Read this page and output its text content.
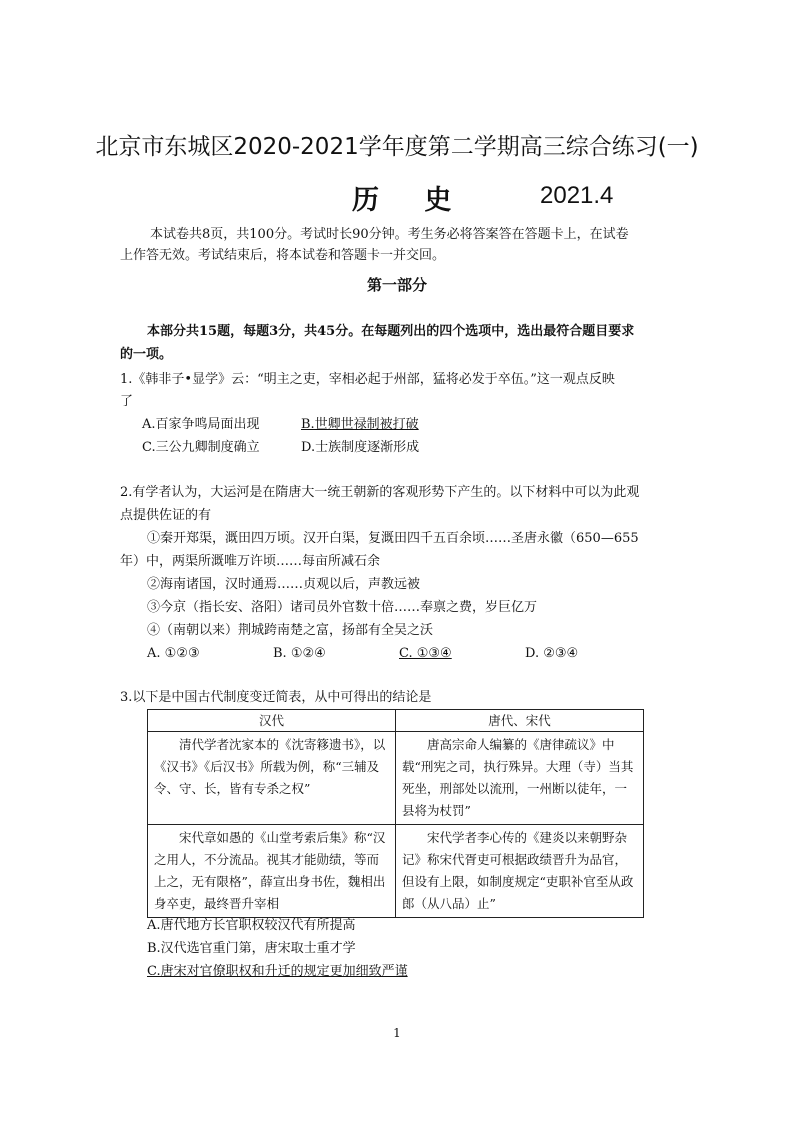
北京市东城区2020-2021学年度第二学期高三综合练习(一)
历 史	2021.4
本试卷共8页，共100分。考试时长90分钟。考生务必将答案答在答题卡上，在试卷
上作答无效。考试结束后，将本试卷和答题卡一并交回。
第一部分
本部分共15题，每题3分，共45分。在每题列出的四个选项中，选出最符合题目要求
的一项。
1.《韩非子•显学》云：“明主之吏，宰相必起于州部，猛将必发于卒伍。”这一观点反映
了
A.百家争鸣局面出现	B.世卿世禄制被打破
C.三公九卿制度确立	D.士族制度逐渐形成
2.有学者认为，大运河是在隋唐大一统王朝新的客观形势下产生的。以下材料中可以为此观
点提供佐证的有
①秦开郑渠，溉田四万顷。汉开白渠，复溉田四千五百余顷……圣唐永徽（650—655
年）中，两渠所溉唯万许顷……每亩所减石余
②海南诸国，汉时通焉……贞观以后，声教远被
③今京（指长安、洛阳）诸司员外官数十倍……奉禀之费，岁巨亿万
④（南朝以来）荆城跨南楚之富，扬部有全吴之沃
A. ①②③	B. ①②④	C. ①③④	D. ②③④
3.以下是中国古代制度变迁简表，从中可得出的结论是
汉代	唐代、宋代
清代学者沈家本的《沈寄簃遗书》，以《汉书》《后汉书》所载为例，称“三辅及令、守、长，皆有专杀之权”	唐高宗命人编纂的《唐律疏议》中载“刑宪之司，执行殊异。大理（寺）当其死坐，刑部处以流刑，一州断以徒年，一县将为杖罚”
宋代章如愚的《山堂考索后集》称“汉之用人，不分流品。视其才能勋绩，等而上之，无有限格”，薛宣出身书佐，魏相出身卒吏，最终晋升宰相	宋代学者李心传的《建炎以来朝野杂记》称宋代胥吏可根据政绩晋升为品官，但设有上限，如制度规定“吏职补官至从政郎（从八品）止”
A.唐代地方长官职权较汉代有所提高
B.汉代选官重门第，唐宋取士重才学
C.唐宋对官僚职权和升迁的规定更加细致严谨
1
